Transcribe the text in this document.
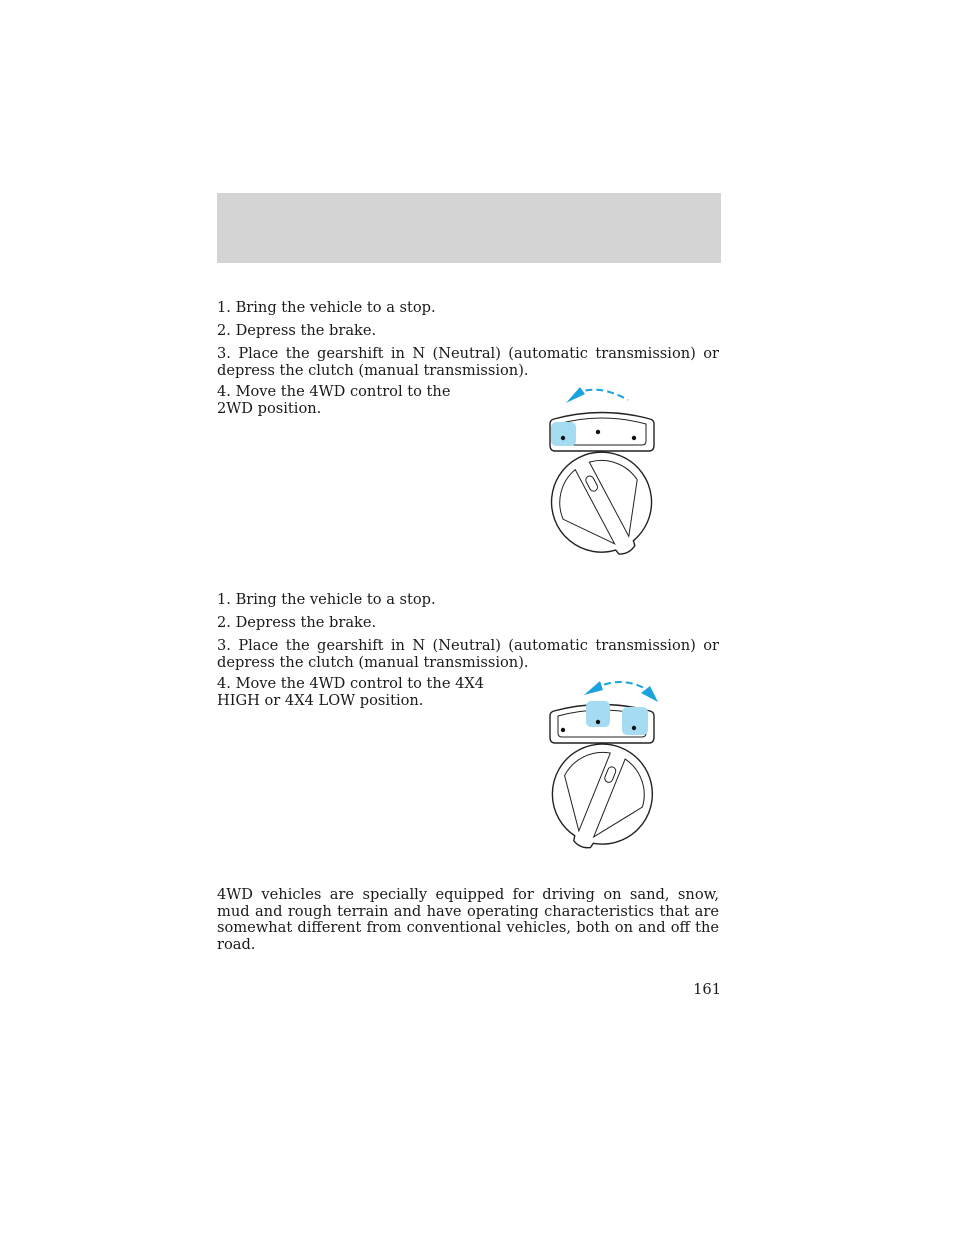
1. Bring the vehicle to a stop.

2. Depress the brake.

3. Place the gearshift in N (Neutral) (automatic transmission) or depress the clutch (manual transmission).

4. Move the 4WD control to the 2WD position.

1. Bring the vehicle to a stop.

2. Depress the brake.

3. Place the gearshift in N (Neutral) (automatic transmission) or depress the clutch (manual transmission).

4. Move the 4WD control to the 4X4 HIGH or 4X4 LOW position.

4WD vehicles are specially equipped for driving on sand, snow, mud and rough terrain and have operating characteristics that are somewhat different from conventional vehicles, both on and off the road.

161
